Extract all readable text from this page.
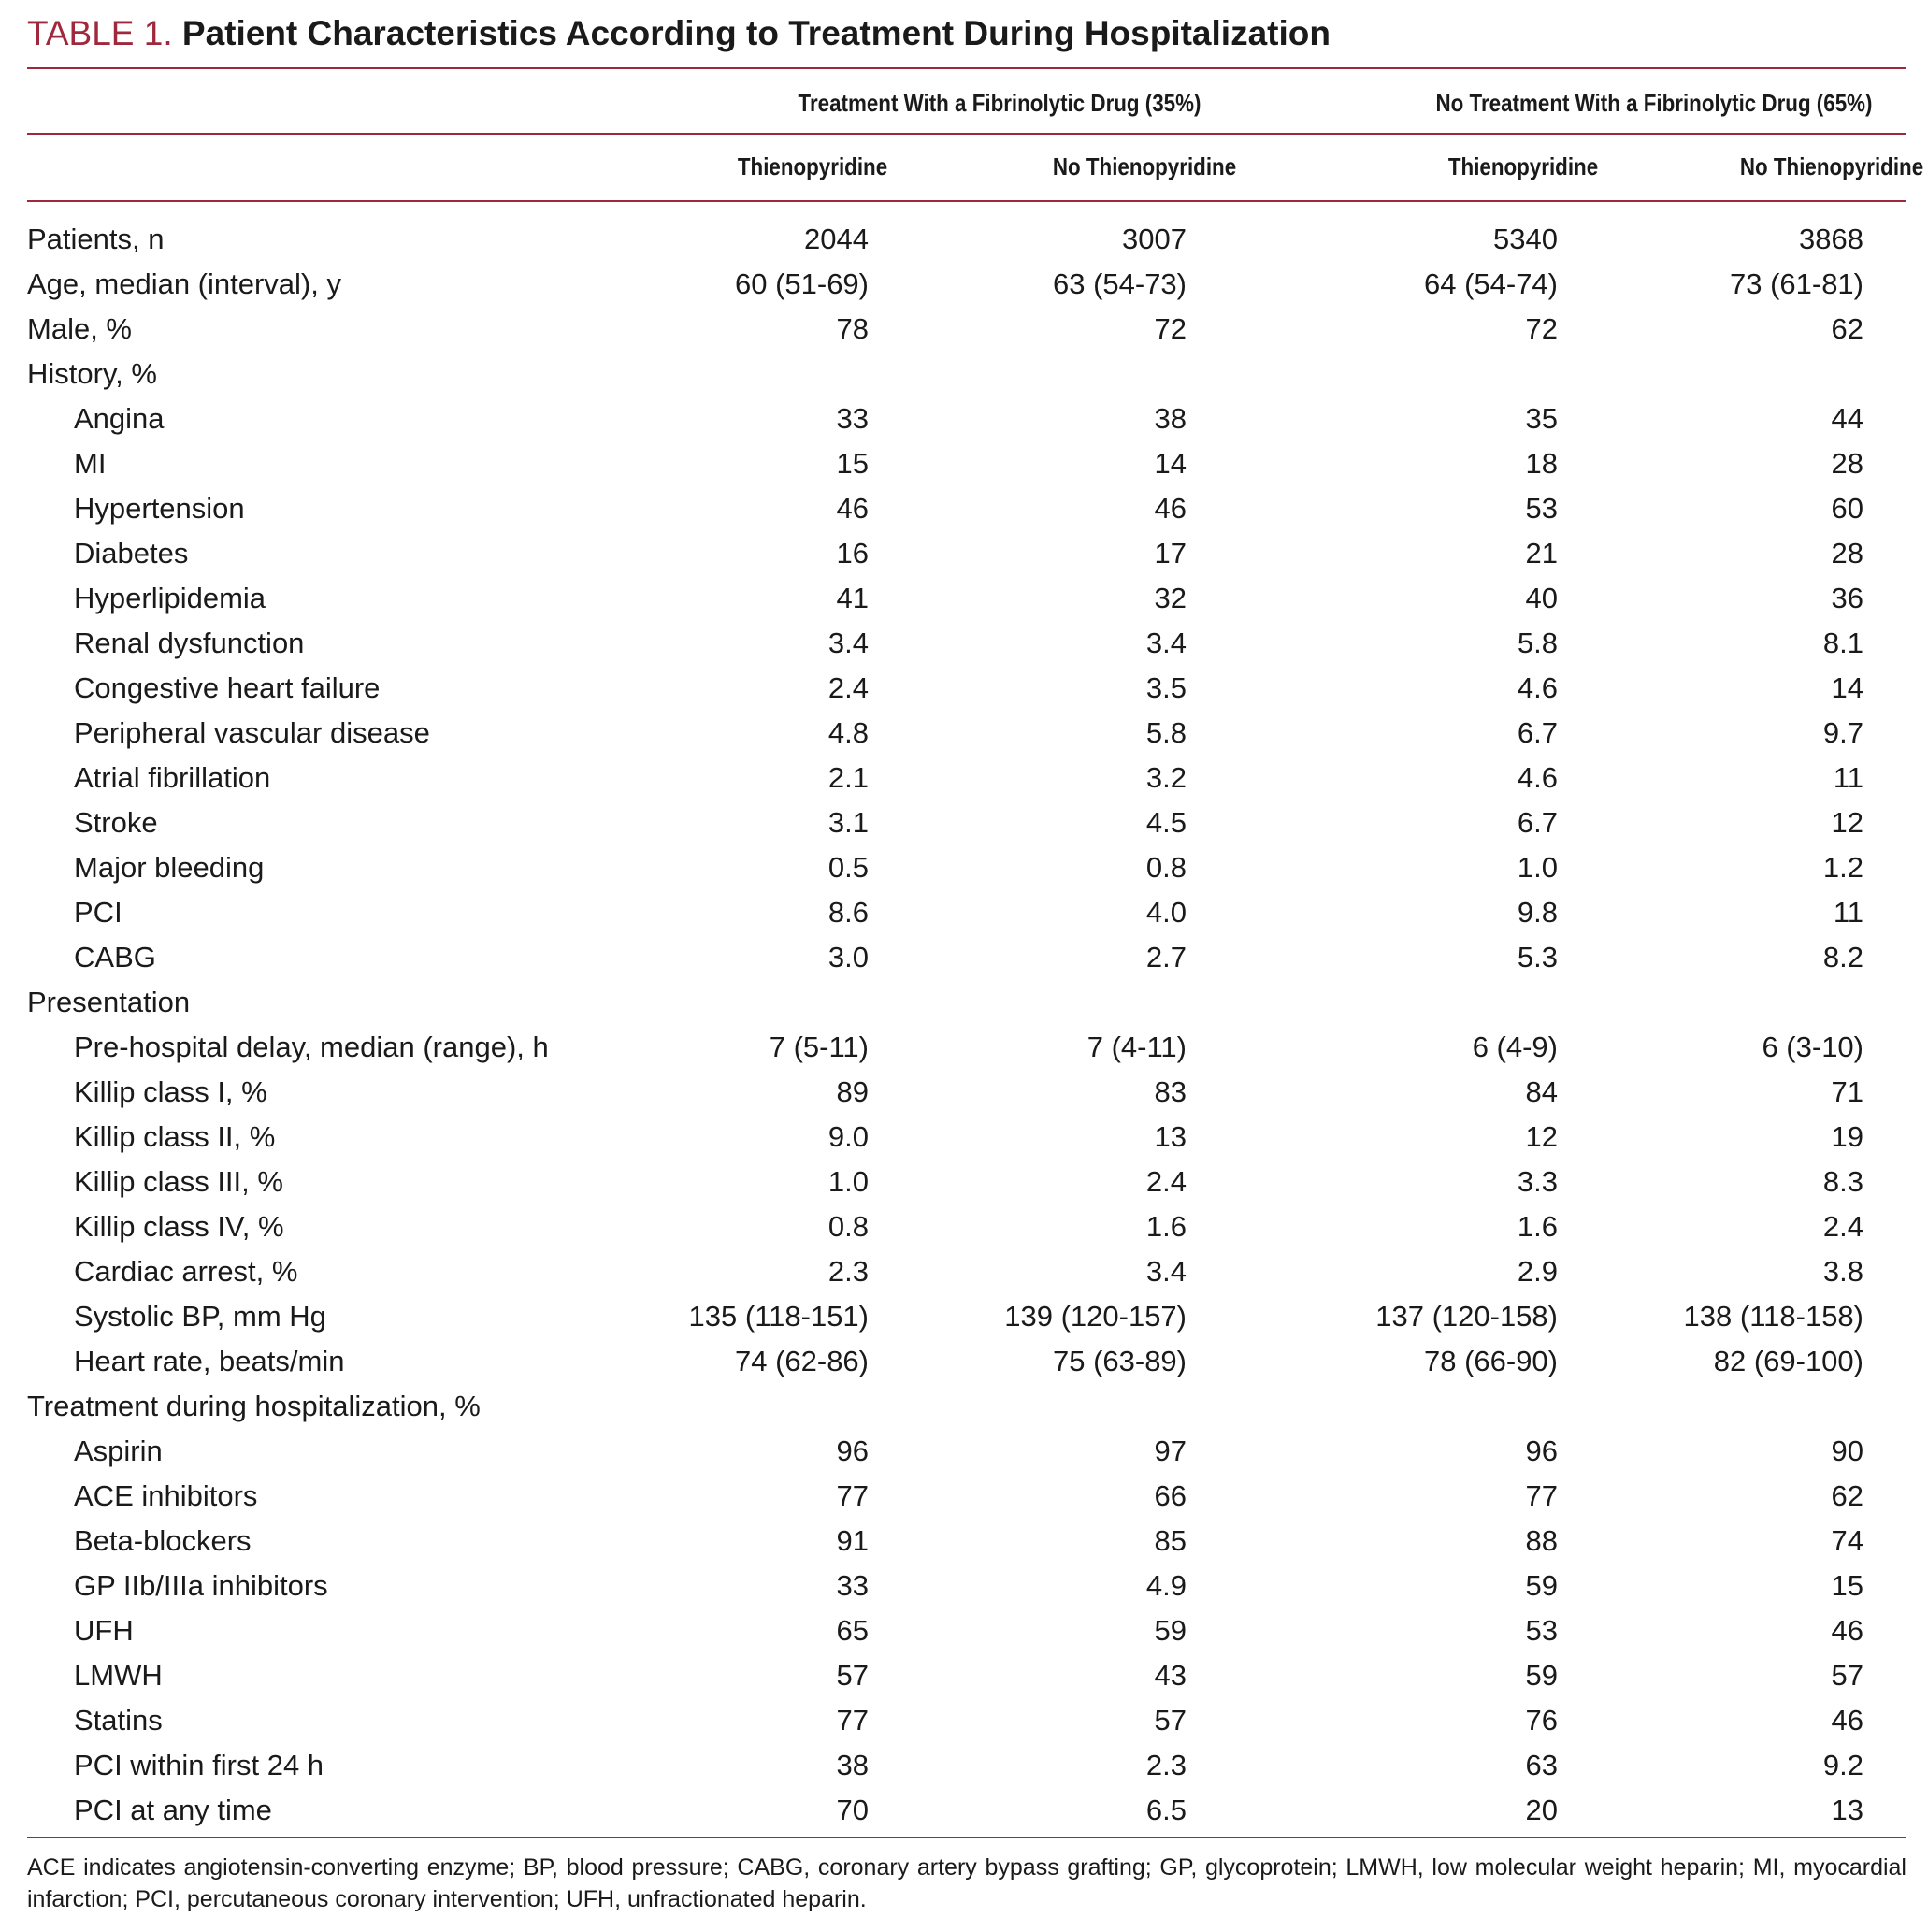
TABLE 1. Patient Characteristics According to Treatment During Hospitalization
Treatment With a Fibrinolytic Drug (35%)	No Treatment With a Fibrinolytic Drug (65%)
Thienopyridine	No Thienopyridine	Thienopyridine	No Thienopyridine
Patients, n	2044	3007	5340	3868
Age, median (interval), y	60 (51-69)	63 (54-73)	64 (54-74)	73 (61-81)
Male, %	78	72	72	62
History, %
Angina	33	38	35	44
MI	15	14	18	28
Hypertension	46	46	53	60
Diabetes	16	17	21	28
Hyperlipidemia	41	32	40	36
Renal dysfunction	3.4	3.4	5.8	8.1
Congestive heart failure	2.4	3.5	4.6	14
Peripheral vascular disease	4.8	5.8	6.7	9.7
Atrial fibrillation	2.1	3.2	4.6	11
Stroke	3.1	4.5	6.7	12
Major bleeding	0.5	0.8	1.0	1.2
PCI	8.6	4.0	9.8	11
CABG	3.0	2.7	5.3	8.2
Presentation
Pre-hospital delay, median (range), h	7 (5-11)	7 (4-11)	6 (4-9)	6 (3-10)
Killip class I, %	89	83	84	71
Killip class II, %	9.0	13	12	19
Killip class III, %	1.0	2.4	3.3	8.3
Killip class IV, %	0.8	1.6	1.6	2.4
Cardiac arrest, %	2.3	3.4	2.9	3.8
Systolic BP, mm Hg	135 (118-151)	139 (120-157)	137 (120-158)	138 (118-158)
Heart rate, beats/min	74 (62-86)	75 (63-89)	78 (66-90)	82 (69-100)
Treatment during hospitalization, %
Aspirin	96	97	96	90
ACE inhibitors	77	66	77	62
Beta-blockers	91	85	88	74
GP IIb/IIIa inhibitors	33	4.9	59	15
UFH	65	59	53	46
LMWH	57	43	59	57
Statins	77	57	76	46
PCI within first 24 h	38	2.3	63	9.2
PCI at any time	70	6.5	20	13
ACE indicates angiotensin-converting enzyme; BP, blood pressure; CABG, coronary artery bypass grafting; GP, glycoprotein; LMWH, low molecular weight heparin; MI, myocardial infarction; PCI, percutaneous coronary intervention; UFH, unfractionated heparin.
